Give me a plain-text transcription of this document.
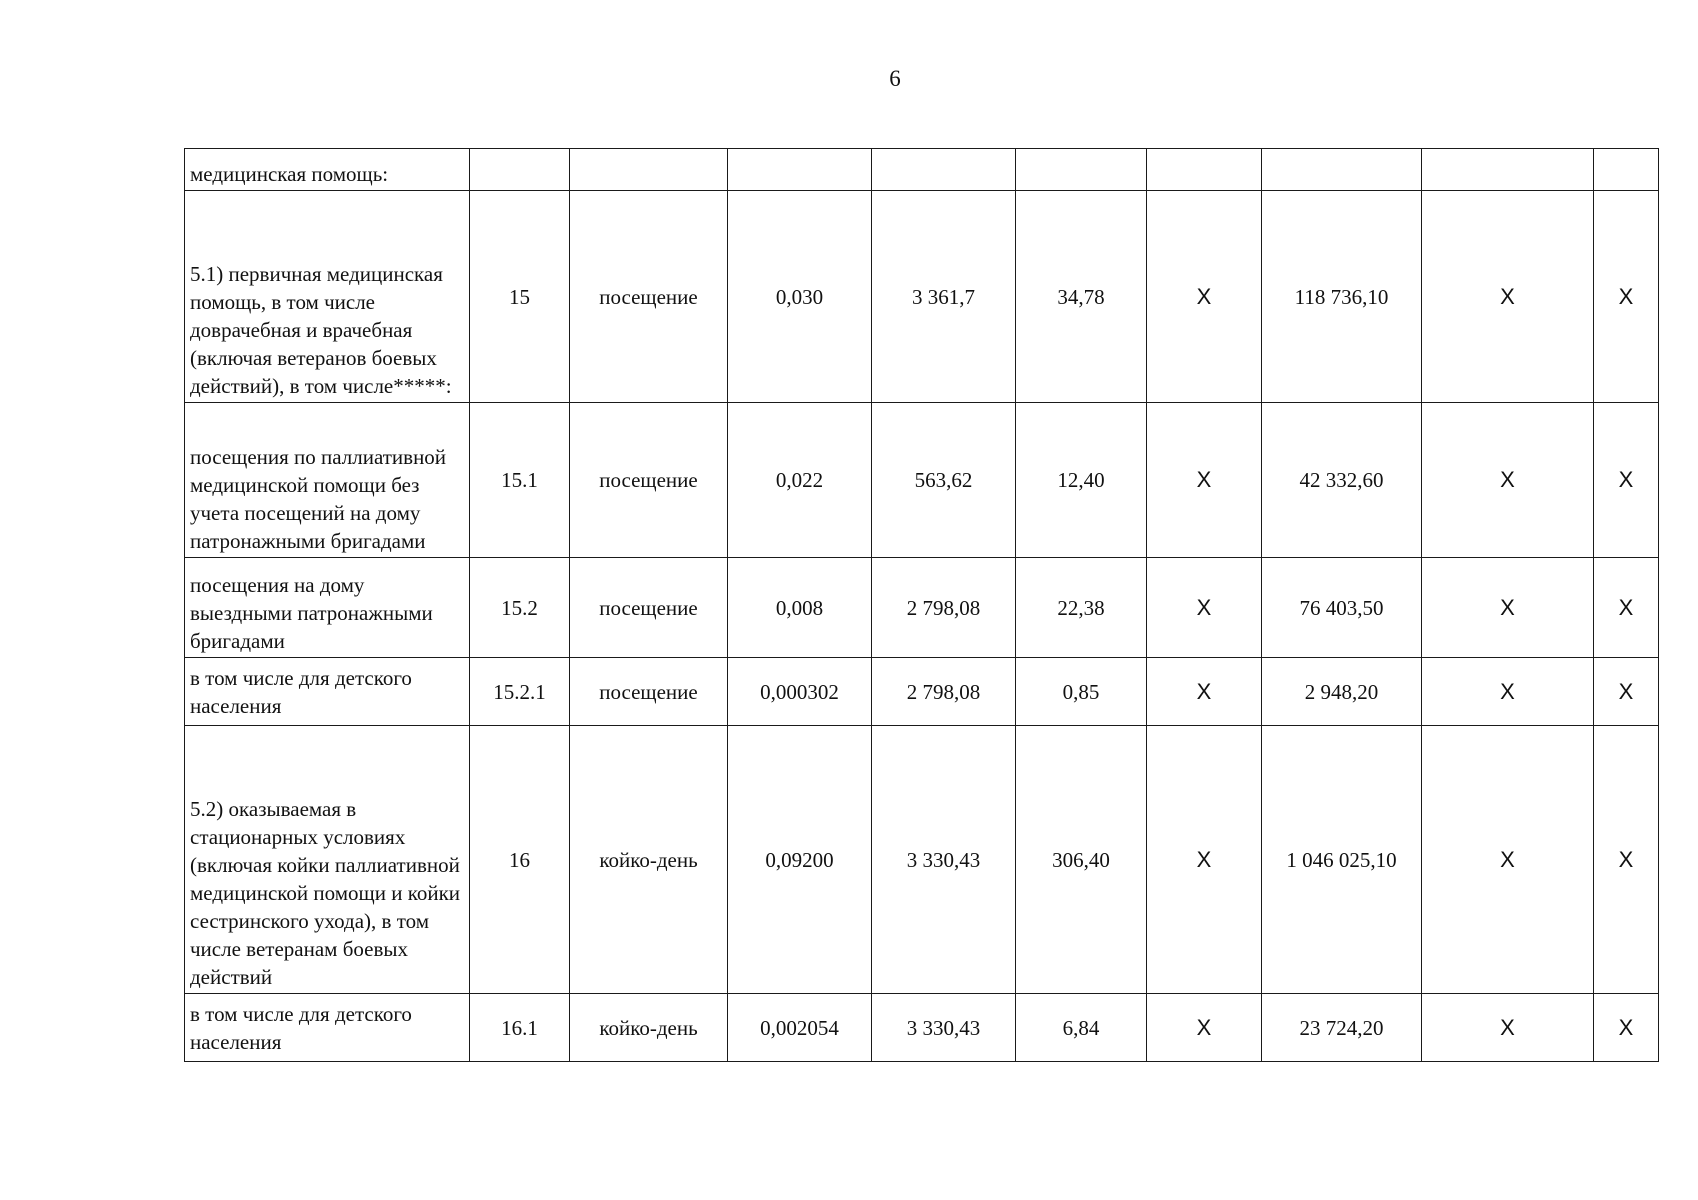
6
медицинская помощь:									
5.1) первичная медицинская помощь, в том числе доврачебная и врачебная (включая ветеранов боевых действий), в том числе*****:	15	посещение	0,030	3 361,7	34,78	X	118 736,10	X	X
посещения по паллиативной медицинской помощи без учета посещений на дому патронажными бригадами	15.1	посещение	0,022	563,62	12,40	X	42 332,60	X	X
посещения на дому выездными патронажными бригадами	15.2	посещение	0,008	2 798,08	22,38	X	76 403,50	X	X
в том числе для детского населения	15.2.1	посещение	0,000302	2 798,08	0,85	X	2 948,20	X	X
5.2) оказываемая в стационарных условиях (включая койки паллиативной медицинской помощи и койки сестринского ухода), в том числе ветеранам боевых действий	16	койко-день	0,09200	3 330,43	306,40	X	1 046 025,10	X	X
в том числе для детского населения	16.1	койко-день	0,002054	3 330,43	6,84	X	23 724,20	X	X
